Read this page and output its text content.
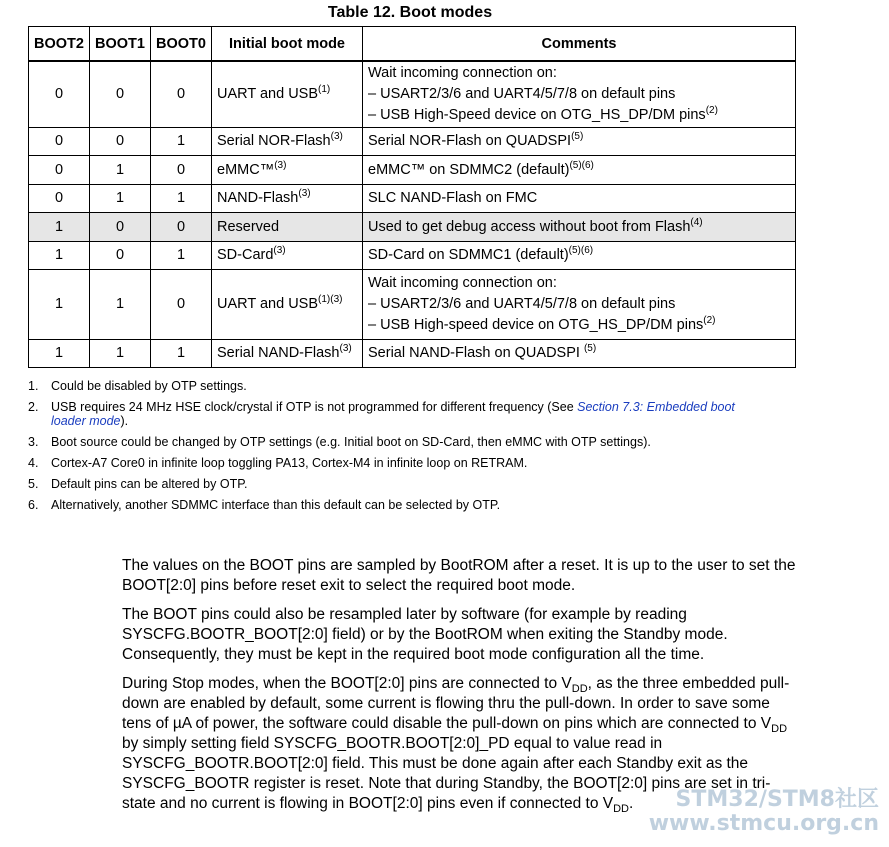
Table 12. Boot modes
BOOT2	BOOT1	BOOT0	Initial boot mode	Comments
0	0	0	UART and USB$^{(1)}$	Wait incoming connection on:
– USART2/3/6 and UART4/5/7/8 on default pins
– USB High-Speed device on OTG_HS_DP/DM pins$^{(2)}$

0	0	1	Serial NOR-Flash$^{(3)}$	Serial NOR-Flash on QUADSPI$^{(5)}$
0	1	0	eMMC™$^{(3)}$	eMMC™ on SDMMC2 (default)$^{(5)(6)}$
0	1	1	NAND-Flash$^{(3)}$	SLC NAND-Flash on FMC
1	0	0	Reserved	Used to get debug access without boot from Flash$^{(4)}$
1	0	1	SD-Card$^{(3)}$	SD-Card on SDMMC1 (default)$^{(5)(6)}$
1	1	0	UART and $USB^{(1)(3)}$	Wait incoming connection on:
– USART2/3/6 and UART4/5/7/8 on default pins
– USB High-speed device on OTG_HS_DP/DM pins$^{(2)}$

1	1	1	Serial NAND-Flash$^{(3)}$	Serial NAND-Flash on QUADSPI $^{(5)}$
1. Could be disabled by OTP settings.
2. USB requires 24 MHz HSE clock/crystal if OTP is not programmed for different frequency (See Section 7.3: Embedded boot loader mode).
3. Boot source could be changed by OTP settings (e.g. Initial boot on SD-Card, then eMMC with OTP settings).
4. Cortex-A7 Core0 in infinite loop toggling PA13, Cortex-M4 in infinite loop on RETRAM.
5. Default pins can be altered by OTP.
6. Alternatively, another SDMMC interface than this default can be selected by OTP.

The values on the BOOT pins are sampled by BootROM after a reset. It is up to the user to set the BOOT[2:0] pins before reset exit to select the required boot mode.

The BOOT pins could also be resampled later by software (for example by reading SYSCFG.BOOTR_BOOT[2:0] field) or by the BootROM when exiting the Standby mode. Consequently, they must be kept in the required boot mode configuration all the time.

During Stop modes, when the BOOT[2:0] pins are connected to $V_{DD}$, as the three embedded pull-down are enabled by default, some current is flowing thru the pull-down. In order to save some tens of µA of power, the software could disable the pull-down on pins which are connected to $V_{DD}$ by simply setting field SYSCFG_BOOTR.BOOT[2:0]_PD equal to value read in SYSCFG_BOOTR.BOOT[2:0] field. This must be done again after each Standby exit as the SYSCFG_BOOTR register is reset. Note that during Standby, the BOOT[2:0] pins are set in tri-state and no current is flowing in BOOT[2:0] pins even if connected to $V_{DD}$.	STM32/STM8社区
www.stmcu.org.cn
